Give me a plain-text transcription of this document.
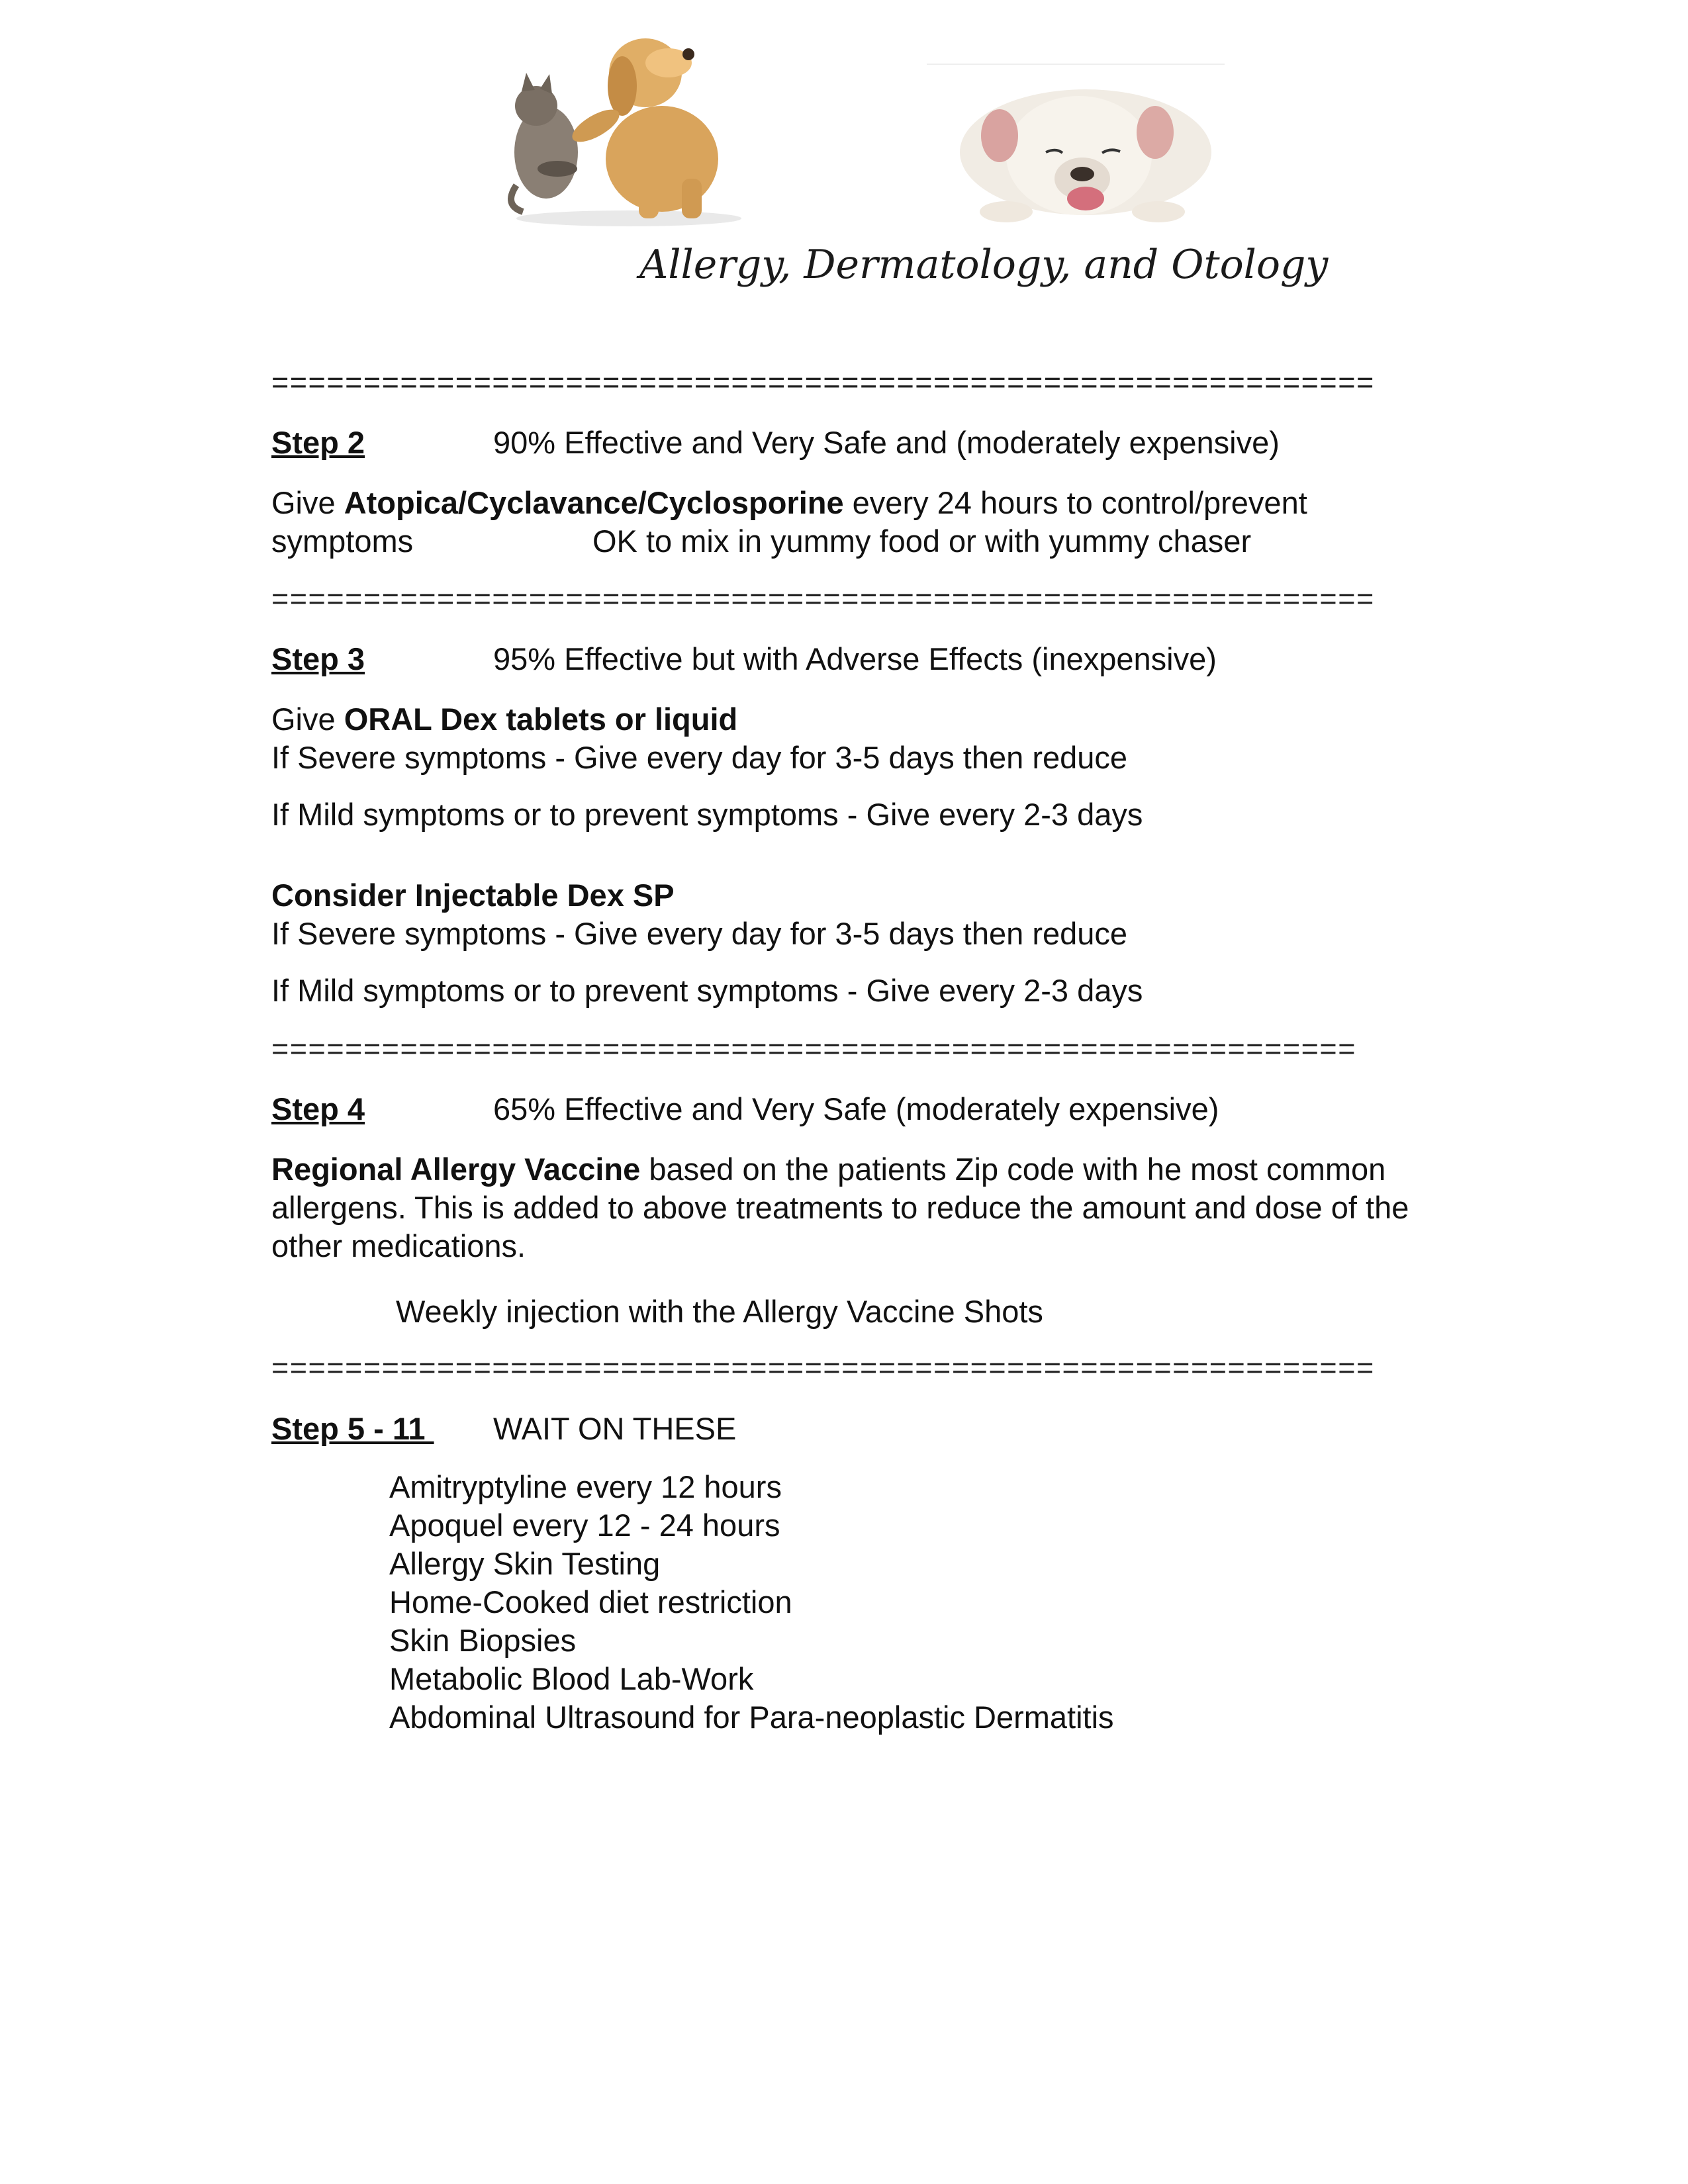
Allergy, Dermatology, and Otology
============================================================
Step 2	90% Effective and Very Safe and (moderately expensive)
Give Atopica/Cyclavance/Cyclosporine every 24 hours to control/prevent
symptoms	OK to mix in yummy food or with yummy chaser
============================================================
Step 3	95% Effective but with Adverse Effects (inexpensive)
Give ORAL Dex tablets or liquid
If Severe symptoms - Give every day for 3-5 days then reduce
If Mild symptoms or to prevent symptoms - Give every 2-3 days
Consider Injectable Dex SP
If Severe symptoms - Give every day for 3-5 days then reduce
If Mild symptoms or to prevent symptoms - Give every 2-3 days
===========================================================
Step 4	65% Effective and Very Safe (moderately expensive)
Regional Allergy Vaccine based on the patients Zip code with he most common
allergens. This is added to above treatments to reduce the amount and dose of the
other medications.
Weekly injection with the Allergy Vaccine Shots
============================================================
Step 5 - 11 WAIT ON THESE
Amitryptyline every 12 hours
Apoquel every 12 - 24 hours
Allergy Skin Testing
Home-Cooked diet restriction
Skin Biopsies
Metabolic Blood Lab-Work
Abdominal Ultrasound for Para-neoplastic Dermatitis
